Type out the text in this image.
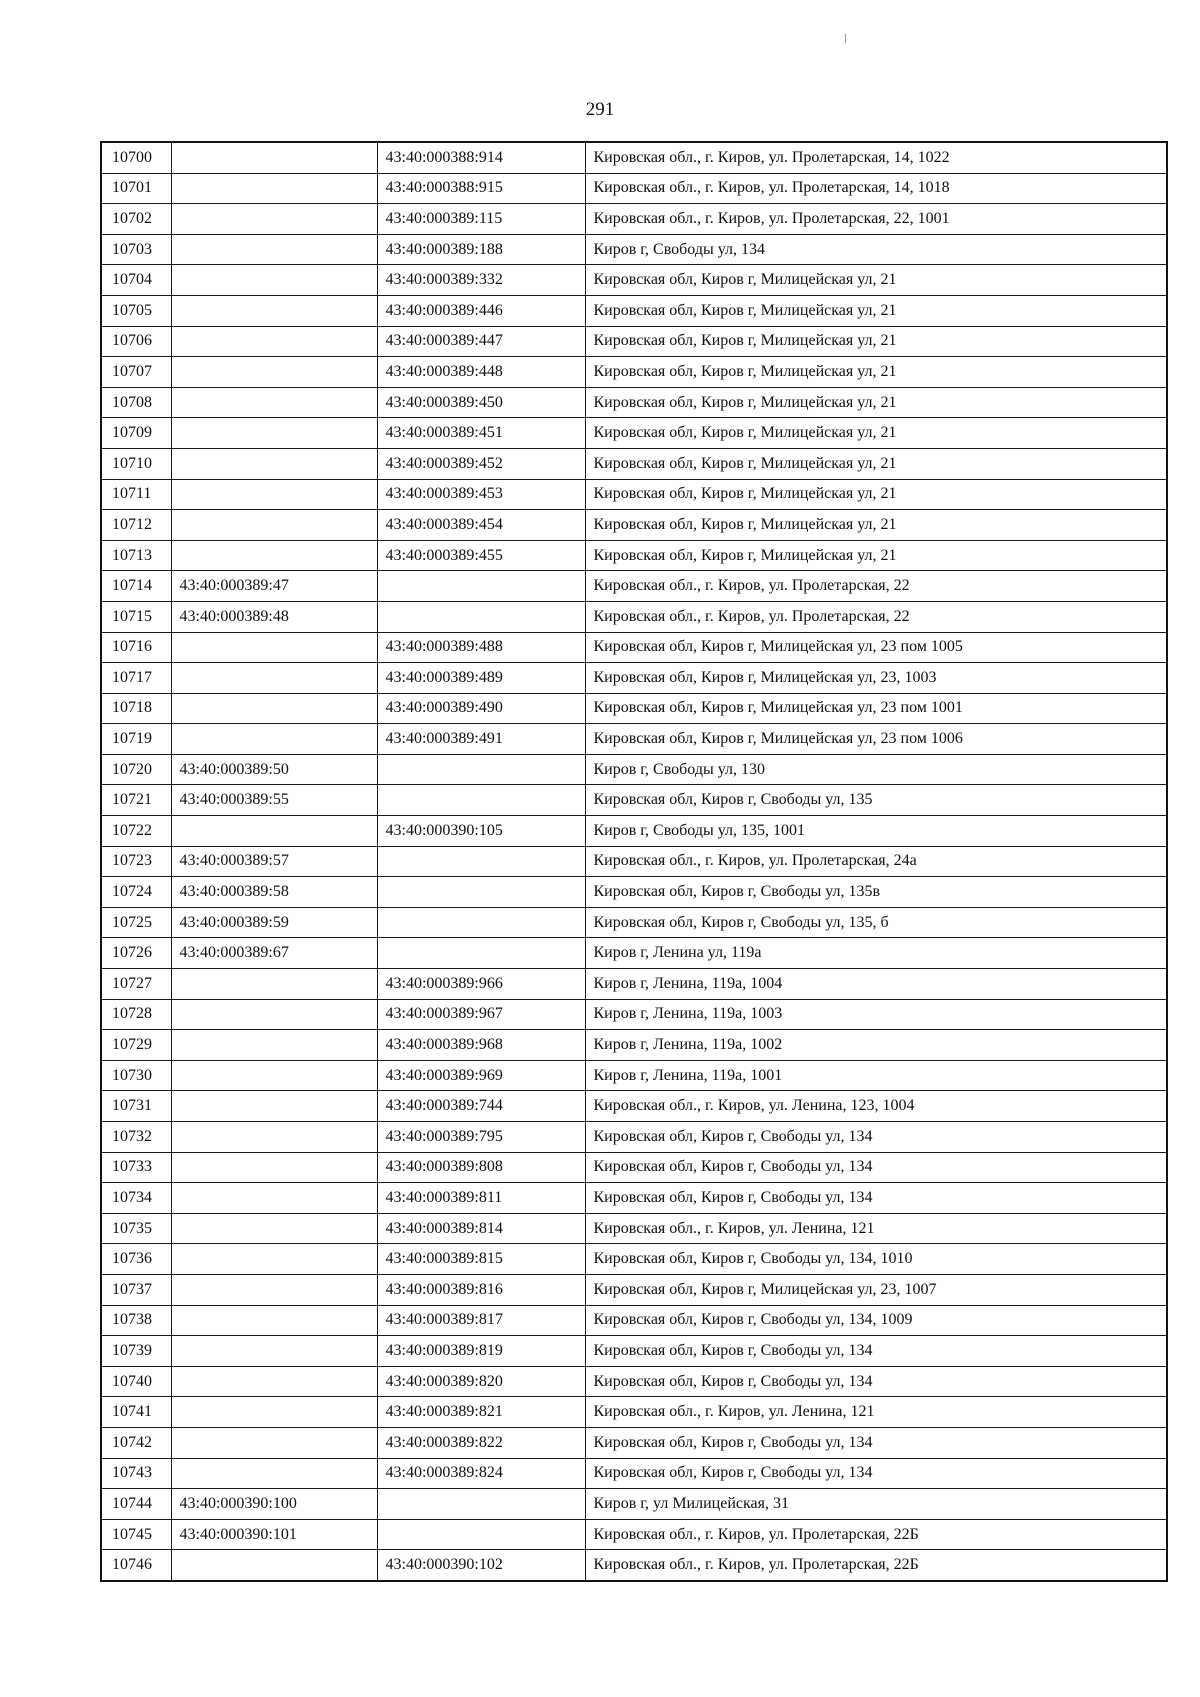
291
10700		43:40:000388:914	Кировская обл., г. Киров, ул. Пролетарская, 14, 1022
10701		43:40:000388:915	Кировская обл., г. Киров, ул. Пролетарская, 14, 1018
10702		43:40:000389:115	Кировская обл., г. Киров, ул. Пролетарская, 22, 1001
10703		43:40:000389:188	Киров г, Свободы ул, 134
10704		43:40:000389:332	Кировская обл, Киров г, Милицейская ул, 21
10705		43:40:000389:446	Кировская обл, Киров г, Милицейская ул, 21
10706		43:40:000389:447	Кировская обл, Киров г, Милицейская ул, 21
10707		43:40:000389:448	Кировская обл, Киров г, Милицейская ул, 21
10708		43:40:000389:450	Кировская обл, Киров г, Милицейская ул, 21
10709		43:40:000389:451	Кировская обл, Киров г, Милицейская ул, 21
10710		43:40:000389:452	Кировская обл, Киров г, Милицейская ул, 21
10711		43:40:000389:453	Кировская обл, Киров г, Милицейская ул, 21
10712		43:40:000389:454	Кировская обл, Киров г, Милицейская ул, 21
10713		43:40:000389:455	Кировская обл, Киров г, Милицейская ул, 21
10714	43:40:000389:47		Кировская обл., г. Киров, ул. Пролетарская, 22
10715	43:40:000389:48		Кировская обл., г. Киров, ул. Пролетарская, 22
10716		43:40:000389:488	Кировская обл, Киров г, Милицейская ул, 23 пом 1005
10717		43:40:000389:489	Кировская обл, Киров г, Милицейская ул, 23, 1003
10718		43:40:000389:490	Кировская обл, Киров г, Милицейская ул, 23 пом 1001
10719		43:40:000389:491	Кировская обл, Киров г, Милицейская ул, 23 пом 1006
10720	43:40:000389:50		Киров г, Свободы ул, 130
10721	43:40:000389:55		Кировская обл, Киров г, Свободы ул, 135
10722		43:40:000390:105	Киров г, Свободы ул, 135, 1001
10723	43:40:000389:57		Кировская обл., г. Киров, ул. Пролетарская, 24а
10724	43:40:000389:58		Кировская обл, Киров г, Свободы ул, 135в
10725	43:40:000389:59		Кировская обл, Киров г, Свободы ул, 135, б
10726	43:40:000389:67		Киров г, Ленина ул, 119а
10727		43:40:000389:966	Киров г, Ленина, 119а, 1004
10728		43:40:000389:967	Киров г, Ленина, 119а, 1003
10729		43:40:000389:968	Киров г, Ленина, 119а, 1002
10730		43:40:000389:969	Киров г, Ленина, 119а, 1001
10731		43:40:000389:744	Кировская обл., г. Киров, ул. Ленина, 123, 1004
10732		43:40:000389:795	Кировская обл, Киров г, Свободы ул, 134
10733		43:40:000389:808	Кировская обл, Киров г, Свободы ул, 134
10734		43:40:000389:811	Кировская обл, Киров г, Свободы ул, 134
10735		43:40:000389:814	Кировская обл., г. Киров, ул. Ленина, 121
10736		43:40:000389:815	Кировская обл, Киров г, Свободы ул, 134, 1010
10737		43:40:000389:816	Кировская обл, Киров г, Милицейская ул, 23, 1007
10738		43:40:000389:817	Кировская обл, Киров г, Свободы ул, 134, 1009
10739		43:40:000389:819	Кировская обл, Киров г, Свободы ул, 134
10740		43:40:000389:820	Кировская обл, Киров г, Свободы ул, 134
10741		43:40:000389:821	Кировская обл., г. Киров, ул. Ленина, 121
10742		43:40:000389:822	Кировская обл, Киров г, Свободы ул, 134
10743		43:40:000389:824	Кировская обл, Киров г, Свободы ул, 134
10744	43:40:000390:100		Киров г, ул Милицейская, 31
10745	43:40:000390:101		Кировская обл., г. Киров, ул. Пролетарская, 22Б
10746		43:40:000390:102	Кировская обл., г. Киров, ул. Пролетарская, 22Б
